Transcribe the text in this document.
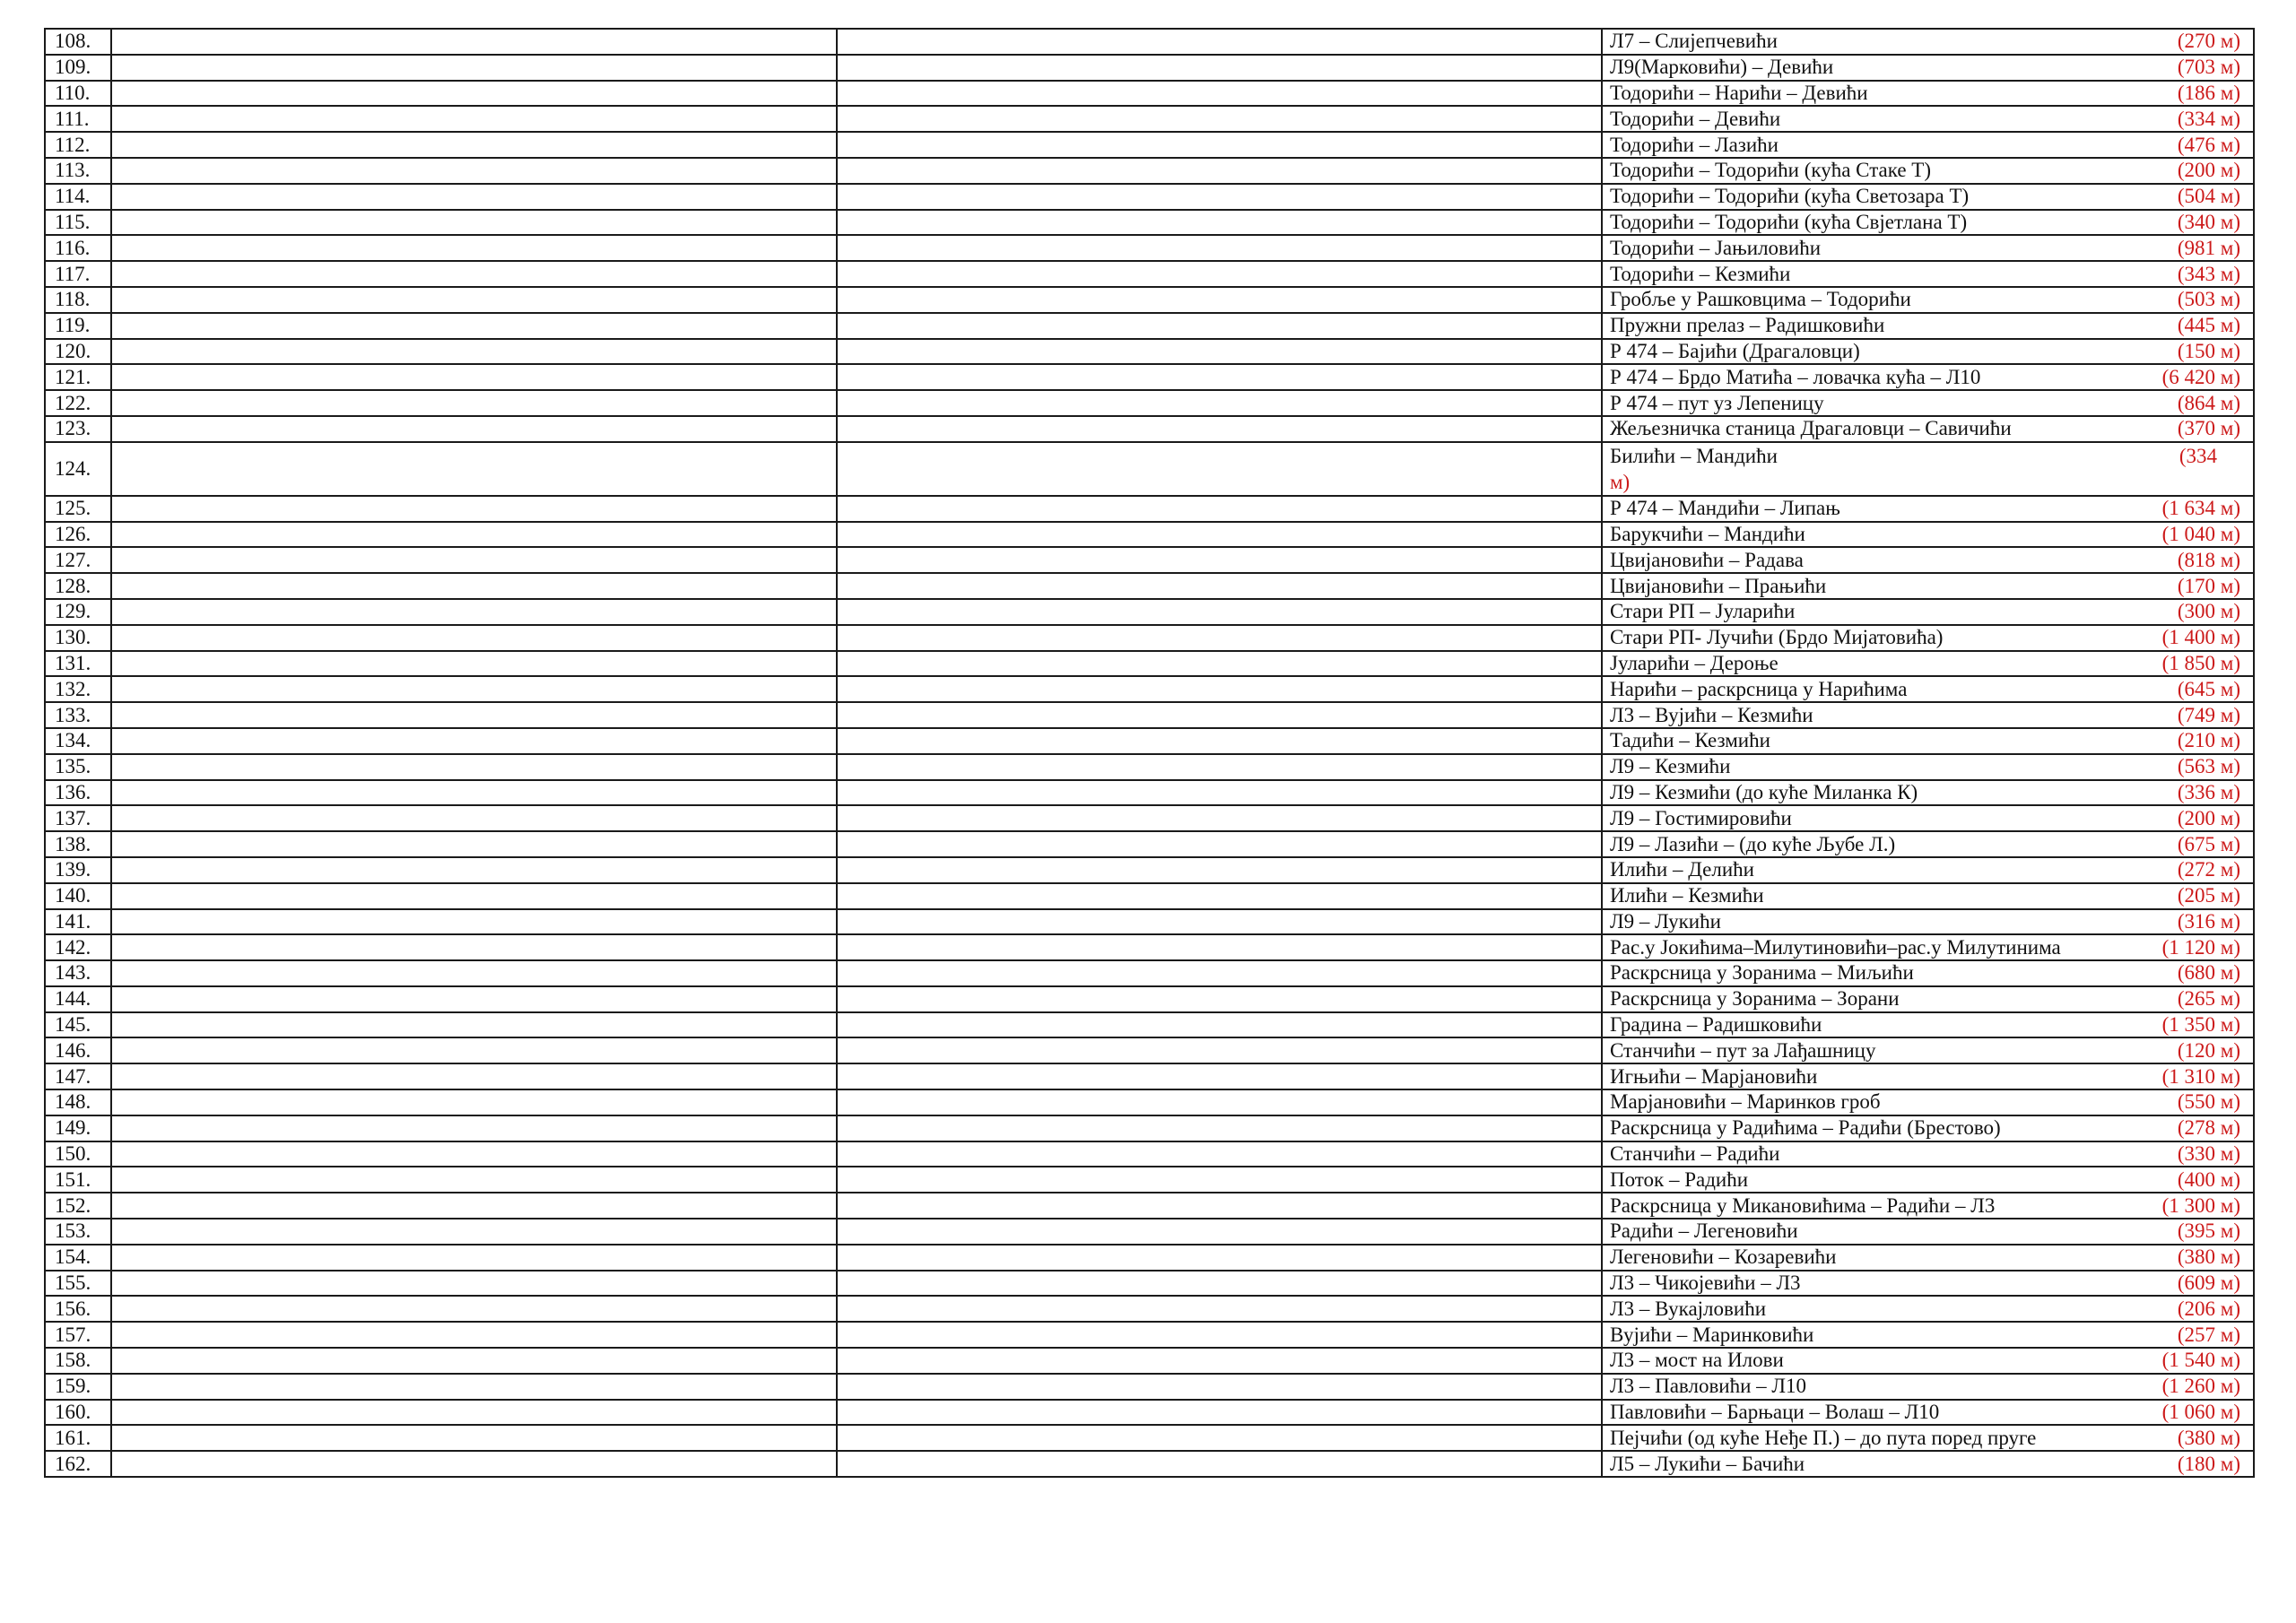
108.			Л7 – Слијепчевићи (270 м)

109.			Л9(Марковићи) – Девићи (703 м)

110.			Тодорићи – Нарићи – Девићи (186 м)

111.			Тодорићи – Девићи (334 м)

112.			Тодорићи – Лазићи (476 м)

113.			Тодорићи – Тодорићи (кућа Стаке Т) (200 м)

114.			Тодорићи – Тодорићи (кућа Светозара Т) (504 м)

115.			Тодорићи – Тодорићи (кућа Свјетлана Т) (340 м)

116.			Тодорићи – Јањиловићи (981 м)

117.			Тодорићи – Кезмићи (343 м)

118.			Гробље у Рашковцима – Тодорићи (503 м)

119.			Пружни прелаз – Радишковићи (445 м)

120.			Р 474 – Бајићи (Драгаловци) (150 м)

121.			Р 474 – Брдо Матића – ловачка кућа – Л10 (6 420 м)

122.			Р 474 – пут уз Лепеницу (864 м)

123.			Жељезничка станица Драгаловци – Савичићи (370 м)

124.			Билићи – Мандићи (334
м)

125.			Р 474 – Мандићи – Липањ (1 634 м)

126.			Барукчићи – Мандићи (1 040 м)

127.			Цвијановићи – Радава (818 м)

128.			Цвијановићи – Прањићи (170 м)

129.			Стари РП – Јуларићи (300 м)

130.			Стари РП- Лучићи (Брдо Мијатовића) (1 400 м)

131.			Јуларићи – Дероње (1 850 м)

132.			Нарићи – раскрсница у Нарићима (645 м)

133.			Л3 – Вујићи – Кезмићи (749 м)

134.			Тадићи – Кезмићи (210 м)

135.			Л9 – Кезмићи (563 м)

136.			Л9 – Кезмићи (до куће Миланка К) (336 м)

137.			Л9 – Гостимировићи (200 м)

138.			Л9 – Лазићи – (до куће Љубе Л.) (675 м)

139.			Илићи – Делићи (272 м)

140.			Илићи – Кезмићи (205 м)

141.			Л9 – Лукићи (316 м)

142.			Рас.у Јокићима–Милутиновићи–рас.у Милутинима (1 120 м)

143.			Раскрсница у Зоранима – Миљићи (680 м)

144.			Раскрсница у Зоранима – Зорани (265 м)

145.			Градина – Радишковићи (1 350 м)

146.			Станчићи – пут за Лађашницу (120 м)

147.			Игњићи – Марјановићи (1 310 м)

148.			Марјановићи – Маринков гроб (550 м)

149.			Раскрсница у Радићима – Радићи (Брестово) (278 м)

150.			Станчићи – Радићи (330 м)

151.			Поток – Радићи (400 м)

152.			Раскрсница у Микановићима – Радићи – Л3 (1 300 м)

153.			Радићи – Легеновићи (395 м)

154.			Легеновићи – Козаревићи (380 м)

155.			Л3 – Чикојевићи – Л3 (609 м)

156.			Л3 – Вукајловићи (206 м)

157.			Вујићи – Маринковићи (257 м)

158.			Л3 – мост на Илови (1 540 м)

159.			Л3 – Павловићи – Л10 (1 260 м)

160.			Павловићи – Барњаци – Волаш – Л10 (1 060 м)

161.			Пејчићи (од куће Неђе П.) – до пута поред пруге (380 м)

162.			Л5 – Лукићи – Бачићи (180 м)
